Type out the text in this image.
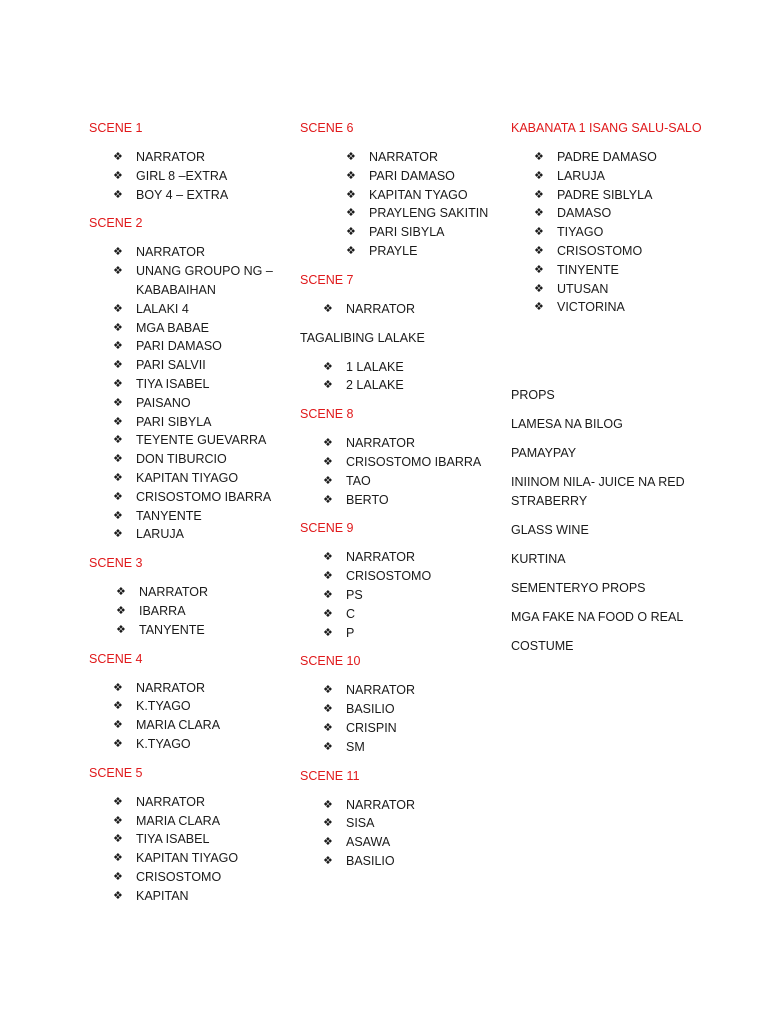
SCENE 1

❖ NARRATOR
❖ GIRL 8 –EXTRA
❖ BOY 4 – EXTRA

SCENE 2

❖ NARRATOR
❖ UNANG GROUPO NG –KABABAIHAN
❖ LALAKI 4
❖ MGA BABAE
❖ PARI DAMASO
❖ PARI SALVII
❖ TIYA ISABEL
❖ PAISANO
❖ PARI SIBYLA
❖ TEYENTE GUEVARRA
❖ DON TIBURCIO
❖ KAPITAN TIYAGO
❖ CRISOSTOMO IBARRA
❖ TANYENTE
❖ LARUJA

SCENE 3

❖ NARRATOR
❖ IBARRA
❖ TANYENTE

SCENE 4

❖ NARRATOR
❖ K.TYAGO
❖ MARIA CLARA
❖ K.TYAGO

SCENE 5

❖ NARRATOR
❖ MARIA CLARA
❖ TIYA ISABEL
❖ KAPITAN TIYAGO
❖ CRISOSTOMO
❖ KAPITAN

SCENE 6

❖ NARRATOR
❖ PARI DAMASO
❖ KAPITAN TYAGO
❖ PRAYLENG SAKITIN
❖ PARI SIBYLA
❖ PRAYLE

SCENE 7

❖ NARRATOR

TAGALIBING LALAKE

❖ 1 LALAKE
❖ 2 LALAKE

SCENE 8

❖ NARRATOR
❖ CRISOSTOMO IBARRA
❖ TAO
❖ BERTO

SCENE 9

❖ NARRATOR
❖ CRISOSTOMO
❖ PS
❖ C
❖ P

SCENE 10

❖ NARRATOR
❖ BASILIO
❖ CRISPIN
❖ SM

SCENE 11

❖ NARRATOR
❖ SISA
❖ ASAWA
❖ BASILIO

KABANATA 1 ISANG SALU-SALO

❖ PADRE DAMASO
❖ LARUJA
❖ PADRE SIBLYLA
❖ DAMASO
❖ TIYAGO
❖ CRISOSTOMO
❖ TINYENTE
❖ UTUSAN
❖ VICTORINA

PROPS

LAMESA NA BILOG

PAMAYPAY

INIINOM NILA- JUICE NA RED STRABERRY

GLASS WINE

KURTINA

SEMENTERYO PROPS

MGA FAKE NA FOOD O REAL

COSTUME
